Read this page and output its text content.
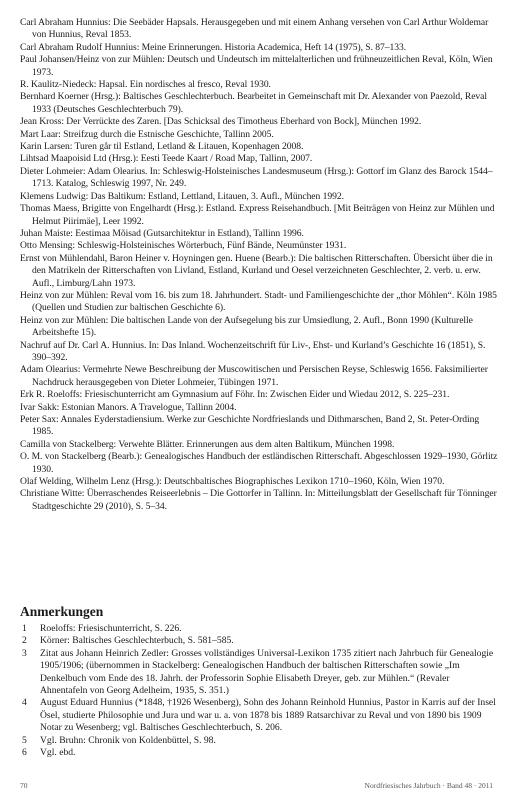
Carl Abraham Hunnius: Die Seebäder Hapsals. Herausgegeben und mit einem Anhang versehen von Carl Arthur Woldemar von Hunnius, Reval 1853.

Carl Abraham Rudolf Hunnius: Meine Erinnerungen. Historia Academica, Heft 14 (1975), S. 87–133.

Paul Johansen/Heinz von zur Mühlen: Deutsch und Undeutsch im mittelalterlichen und frühneuzeitlichen Reval, Köln, Wien 1973.

R. Kaulitz-Niedeck: Hapsal. Ein nordisches al fresco, Reval 1930.

Bernhard Koerner (Hrsg.): Baltisches Geschlechterbuch. Bearbeitet in Gemeinschaft mit Dr. Alexander von Paezold, Reval 1933 (Deutsches Geschlechterbuch 79).

Jean Kross: Der Verrückte des Zaren. [Das Schicksal des Timotheus Eberhard von Bock], München 1992.

Mart Laar: Streifzug durch die Estnische Geschichte, Tallinn 2005.

Karin Larsen: Turen går til Estland, Letland & Litauen, Kopenhagen 2008.

Lihtsad Maapoisid Ltd (Hrsg.): Eesti Teede Kaart / Road Map, Tallinn, 2007.

Dieter Lohmeier: Adam Olearius. In: Schleswig-Holsteinisches Landesmuseum (Hrsg.): Gottorf im Glanz des Barock 1544–1713. Katalog, Schleswig 1997, Nr. 249.

Klemens Ludwig: Das Baltikum: Estland, Lettland, Litauen, 3. Aufl., München 1992.

Thomas Maess, Brigitte von Engelhardt (Hrsg.): Estland. Express Reisehandbuch. [Mit Beiträgen von Heinz zur Mühlen und Helmut Piirimäe], Leer 1992.

Juhan Maiste: Eestimaa Mõisad (Gutsarchitektur in Estland), Tallinn 1996.

Otto Mensing: Schleswig-Holsteinisches Wörterbuch, Fünf Bände, Neumünster 1931.

Ernst von Mühlendahl, Baron Heiner v. Hoyningen gen. Huene (Bearb.): Die baltischen Ritterschaften. Übersicht über die in den Matrikeln der Ritterschaften von Livland, Estland, Kurland und Oesel verzeichneten Geschlechter, 2. verb. u. erw. Aufl., Limburg/Lahn 1973.

Heinz von zur Mühlen: Reval vom 16. bis zum 18. Jahrhundert. Stadt- und Familiengeschichte der „thor Möhlen“. Köln 1985 (Quellen und Studien zur baltischen Geschichte 6).

Heinz von zur Mühlen: Die baltischen Lande von der Aufsegelung bis zur Umsiedlung, 2. Aufl., Bonn 1990 (Kulturelle Arbeitshefte 15).

Nachruf auf Dr. Carl A. Hunnius. In: Das Inland. Wochenzeitschrift für Liv-, Ehst- und Kurland’s Geschichte 16 (1851), S. 390–392.

Adam Olearius: Vermehrte Newe Beschreibung der Muscowitischen und Persischen Reyse, Schleswig 1656. Faksimilierter Nachdruck herausgegeben von Dieter Lohmeier, Tübingen 1971.

Erk R. Roeloffs: Friesischunterricht am Gymnasium auf Föhr. In: Zwischen Eider und Wiedau 2012, S. 225–231.

Ivar Sakk: Estonian Manors. A Travelogue, Tallinn 2004.

Peter Sax: Annales Eyderstadiensium. Werke zur Geschichte Nordfrieslands und Dithmarschen, Band 2, St. Peter-Ording 1985.

Camilla von Stackelberg: Verwehte Blätter. Erinnerungen aus dem alten Baltikum, München 1998.

O. M. von Stackelberg (Bearb.): Genealogisches Handbuch der estländischen Ritterschaft. Abgeschlossen 1929–1930, Görlitz 1930.

Olaf Welding, Wilhelm Lenz (Hrsg.): Deutschbaltisches Biographisches Lexikon 1710–1960, Köln, Wien 1970.

Christiane Witte: Überraschendes Reiseerlebnis – Die Gottorfer in Tallinn. In: Mitteilungsblatt der Gesellschaft für Tönninger Stadtgeschichte 29 (2010), S. 5–34.

Anmerkungen
1	Roeloffs: Friesischunterricht, S. 226.
2	Körner: Baltisches Geschlechterbuch, S. 581–585.
3	Zitat aus Johann Heinrich Zedler: Grosses vollständiges Universal-Lexikon 1735 zitiert nach Jahrbuch für Genealogie 1905/1906; (übernommen in Stackelberg: Genealogischen Handbuch der baltischen Ritterschaften sowie „Im Denkelbuch vom Ende des 18. Jahrh. der Professorin Sophie Elisabeth Dreyer, geb. zur Mühlen.“ (Revaler Ahnentafeln von Georg Adelheim, 1935, S. 351.)
4	August Eduard Hunnius (*1848, †1926 Wesenberg), Sohn des Johann Reinhold Hunnius, Pastor in Karris auf der Insel Ösel, studierte Philosophie und Jura und war u. a. von 1878 bis 1889 Ratsarchivar zu Reval und von 1890 bis 1909 Notar zu Wesenberg; vgl. Baltisches Geschlechterbuch, S. 206.
5	Vgl. Bruhn: Chronik von Koldenbüttel, S. 98.
6	Vgl. ebd.
70	Nordfriesisches Jahrbuch · Band 48 · 2011
